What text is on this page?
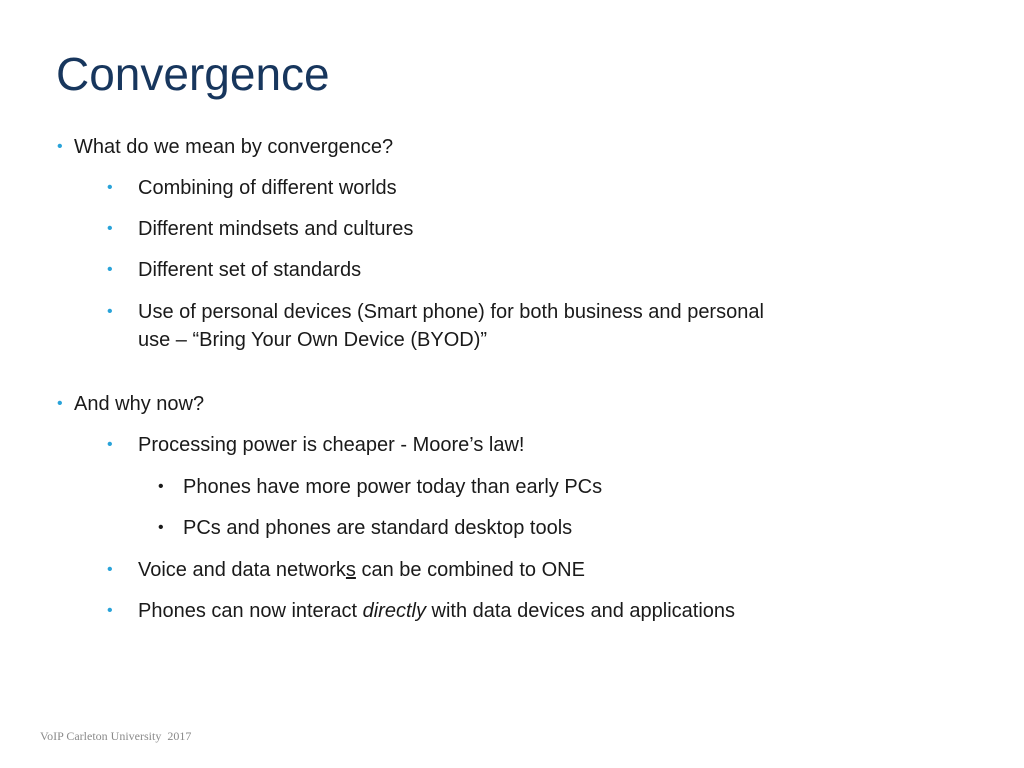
Convergence
• What do we mean by convergence?
• Combining of different worlds
• Different mindsets and cultures
• Different set of standards
• Use of personal devices (Smart phone) for both business and personal
use – “Bring Your Own Device (BYOD)”
• And why now?
• Processing power is cheaper - Moore’s law!
• Phones have more power today than early PCs
• PCs and phones are standard desktop tools
• Voice and data networks can be combined to ONE
• Phones can now interact directly with data devices and applications
VoIP Carleton University  2017
